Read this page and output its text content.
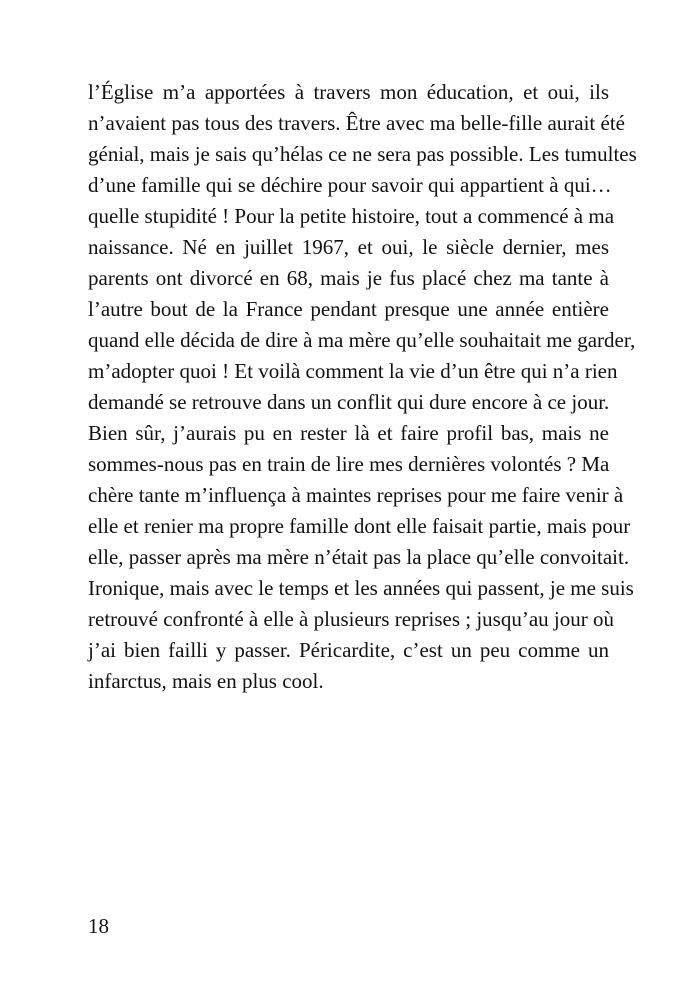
l’Église m’a apportées à travers mon éducation, et oui, ils
n’avaient pas tous des travers. Être avec ma belle-fille aurait été
génial, mais je sais qu’hélas ce ne sera pas possible. Les tumultes
d’une famille qui se déchire pour savoir qui appartient à qui…
quelle stupidité ! Pour la petite histoire, tout a commencé à ma
naissance. Né en juillet 1967, et oui, le siècle dernier, mes
parents ont divorcé en 68, mais je fus placé chez ma tante à
l’autre bout de la France pendant presque une année entière
quand elle décida de dire à ma mère qu’elle souhaitait me garder,
m’adopter quoi ! Et voilà comment la vie d’un être qui n’a rien
demandé se retrouve dans un conflit qui dure encore à ce jour.
Bien sûr, j’aurais pu en rester là et faire profil bas, mais ne
sommes-nous pas en train de lire mes dernières volontés ? Ma
chère tante m’influença à maintes reprises pour me faire venir à
elle et renier ma propre famille dont elle faisait partie, mais pour
elle, passer après ma mère n’était pas la place qu’elle convoitait.
Ironique, mais avec le temps et les années qui passent, je me suis
retrouvé confronté à elle à plusieurs reprises ; jusqu’au jour où
j’ai bien failli y passer. Péricardite, c’est un peu comme un
infarctus, mais en plus cool.
18
